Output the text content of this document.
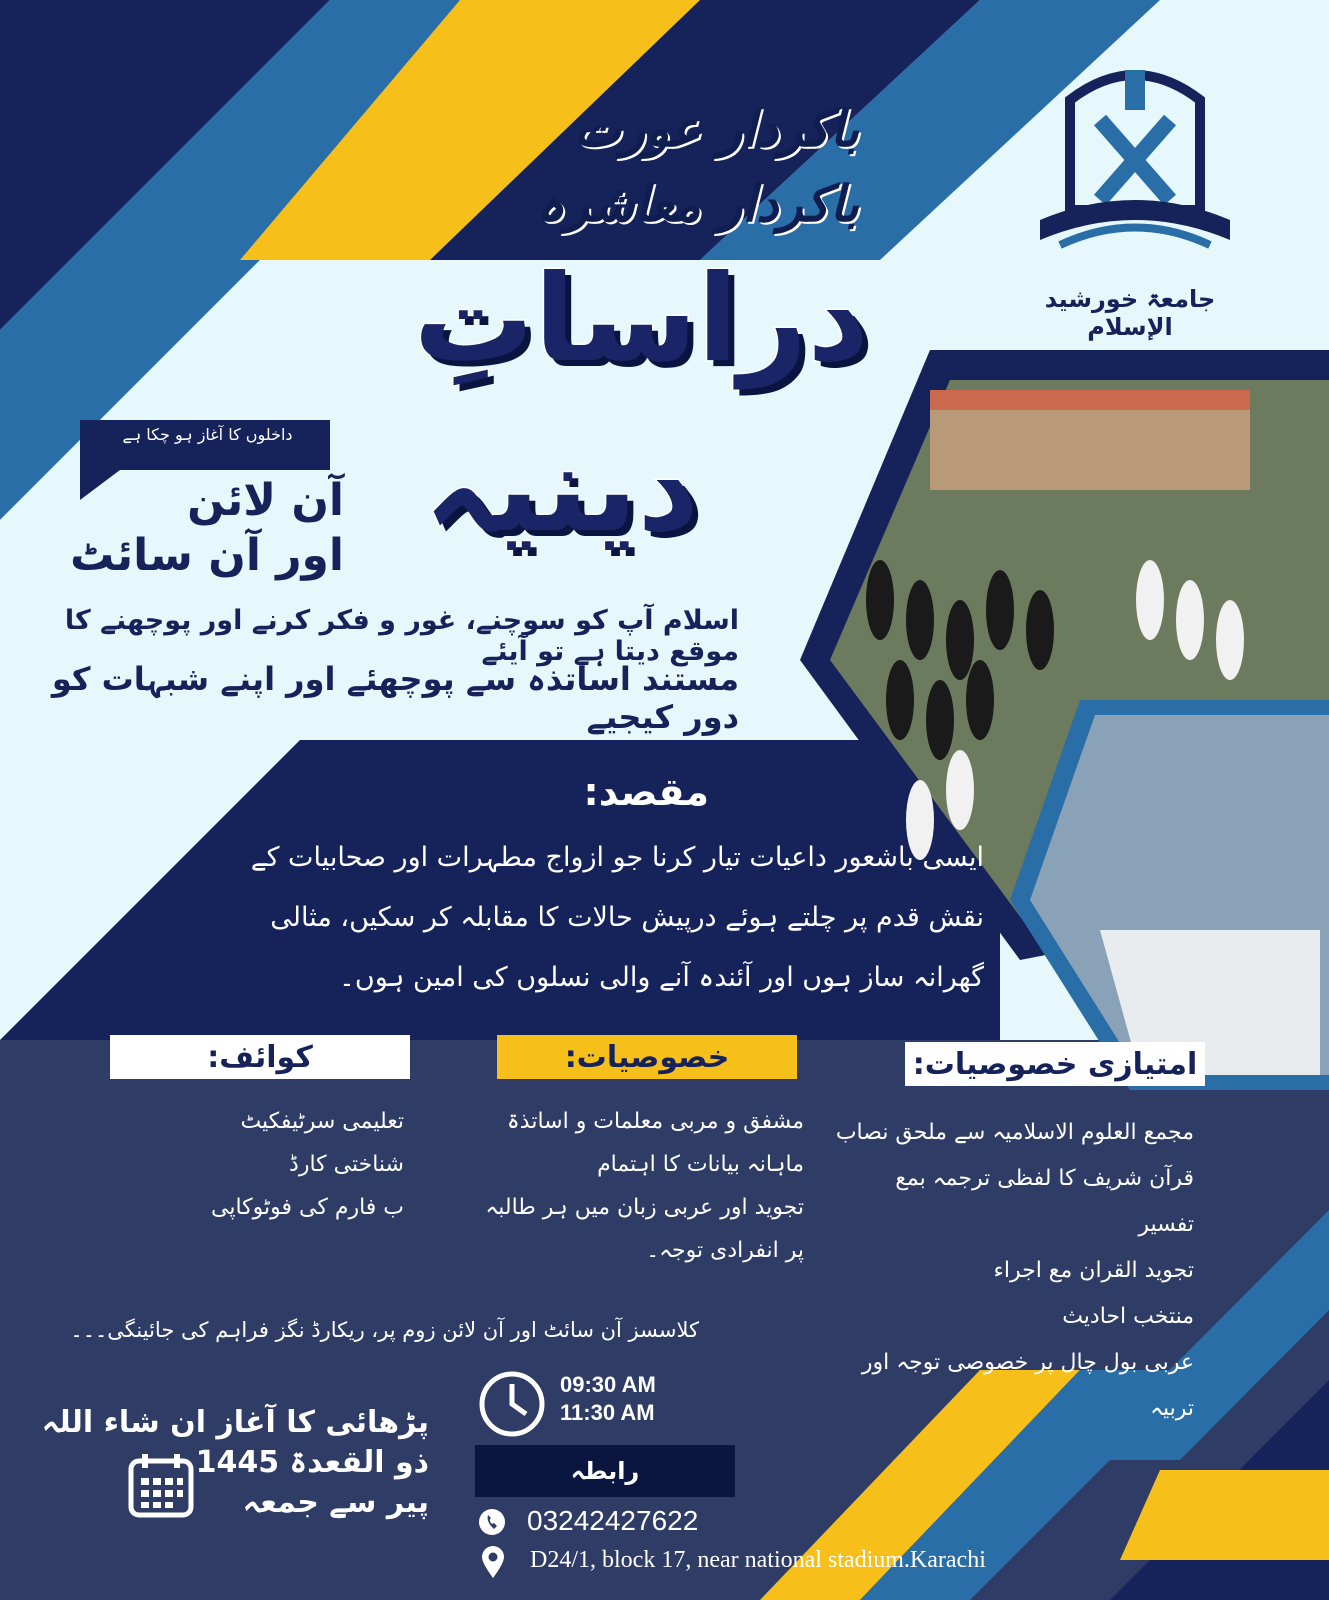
جامعۃ خورشید الإسلام
باکردار عورت
باکردار معاشرہ
دراساتِ
دینیہ
داخلوں کا آغاز ہو چکا ہے
آن لائن
اور آن سائٹ
اسلام آپ کو سوچنے، غور و فکر کرنے اور پوچھنے کا موقع دیتا ہے تو آیئے
مستند اساتذہ سے پوچھئے اور اپنے شبہات کو دور کیجیے
مقصد:
ایسی باشعور داعیات تیار کرنا جو ازواج مطہرات اور صحابیات کے
نقش قدم پر چلتے ہوئے درپیش حالات کا مقابلہ کر سکیں، مثالی
گھرانہ ساز ہوں اور آئندہ آنے والی نسلوں کی امین ہوں۔
کوائف:	خصوصیات:	امتیازی خصوصیات:
تعلیمی سرٹیفکیٹ
شناختی کارڈ
ب فارم کی فوٹوکاپی
مشفق و مربی معلمات و اساتذۃ
ماہانہ بیانات کا اہتمام
تجوید اور عربی زبان میں ہر طالبہ
پر انفرادی توجہ۔
مجمع العلوم الاسلامیہ سے ملحق نصاب
قرآن شریف کا لفظی ترجمہ بمع تفسیر
تجوید القران مع اجراء
منتخب احادیث
عربی بول چال پر خصوصی توجہ اور تربیہ
کلاسسز آن سائٹ اور آن لائن زوم پر، ریکارڈ نگز فراہم کی جائینگی۔۔۔
پڑھائی کا آغاز ان شاء اللہ
ذو القعدۃ 1445
پیر سے جمعہ
09:30 AM
11:30 AM
رابطہ
03242427622
D24/1, block 17, near national stadium.Karachi
